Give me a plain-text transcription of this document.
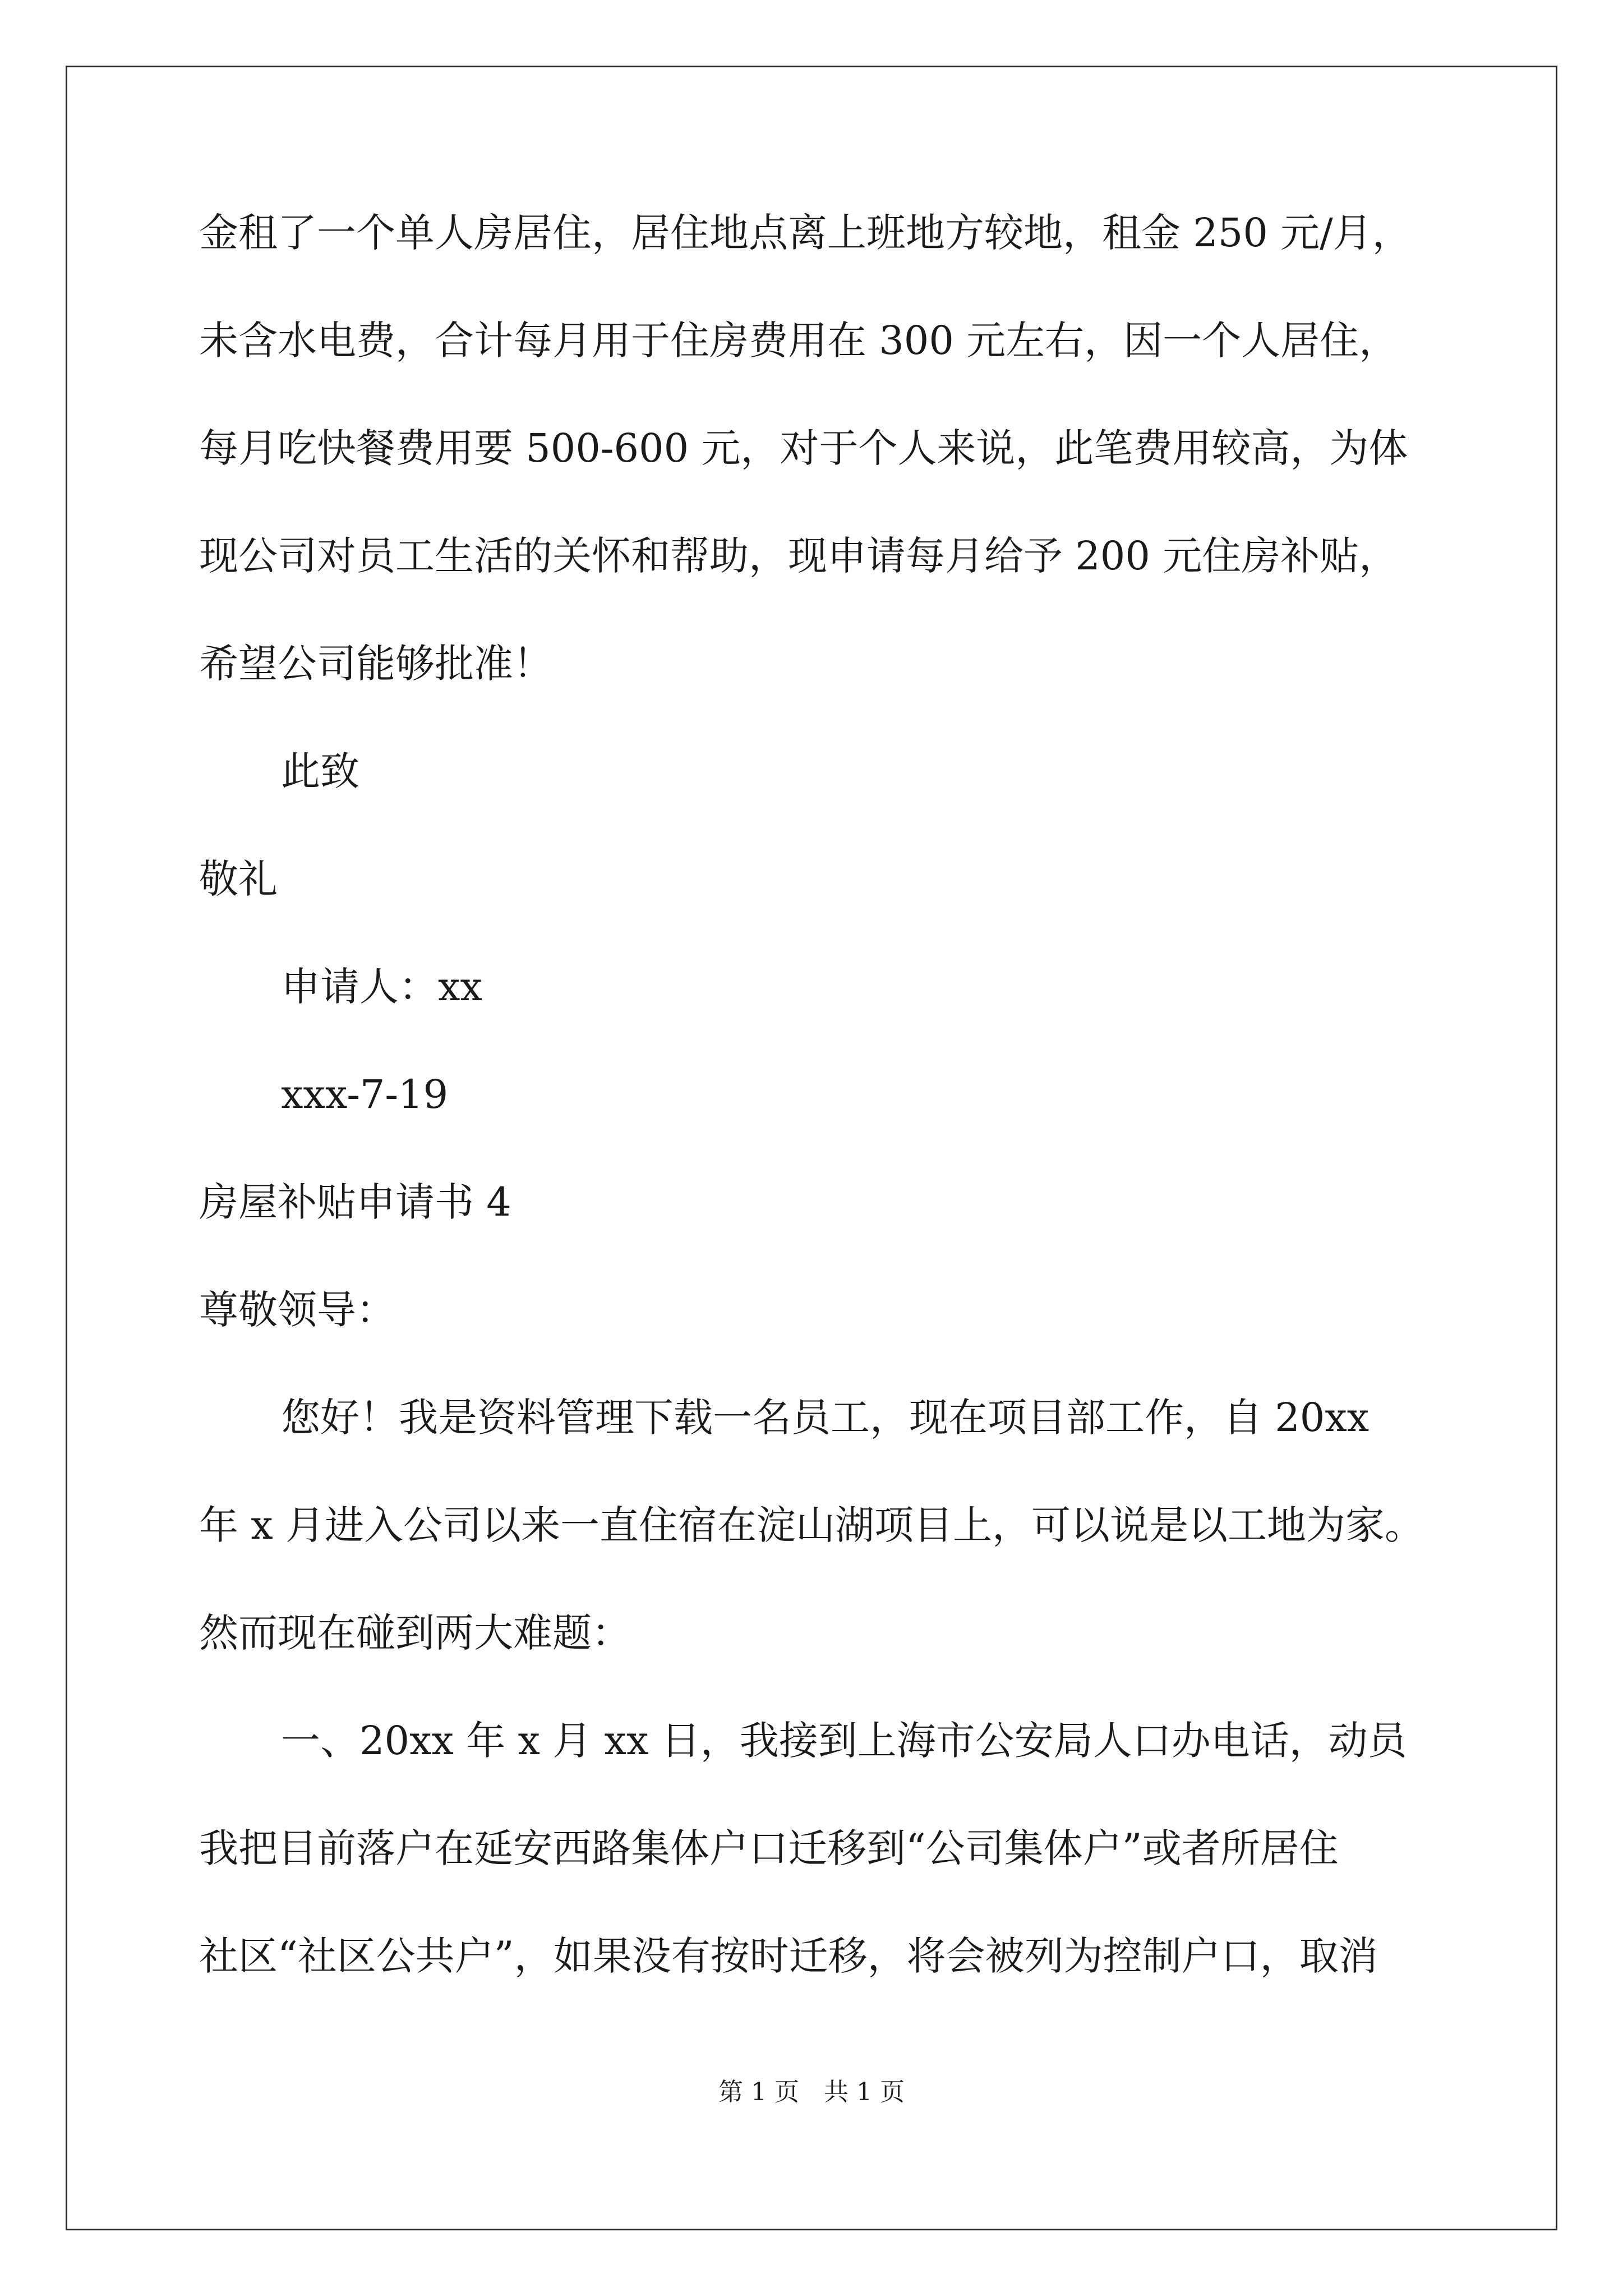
金租了一个单人房居住，居住地点离上班地方较地，租金 250 元/月，
未含水电费，合计每月用于住房费用在 300 元左右，因一个人居住，
每月吃快餐费用要 500-600 元，对于个人来说，此笔费用较高，为体
现公司对员工生活的关怀和帮助，现申请每月给予 200 元住房补贴，
希望公司能够批准！
此致
敬礼
申请人：xx
xxx-7-19
房屋补贴申请书 4
尊敬领导：
您好！我是资料管理下载一名员工，现在项目部工作，自 20xx
年 x 月进入公司以来一直住宿在淀山湖项目上，可以说是以工地为家。
然而现在碰到两大难题：
一、20xx 年 x 月 xx 日，我接到上海市公安局人口办电话，动员
我把目前落户在延安西路集体户口迁移到“公司集体户”或者所居住
社区“社区公共户”，如果没有按时迁移，将会被列为控制户口，取消
第 1 页　共 1 页
